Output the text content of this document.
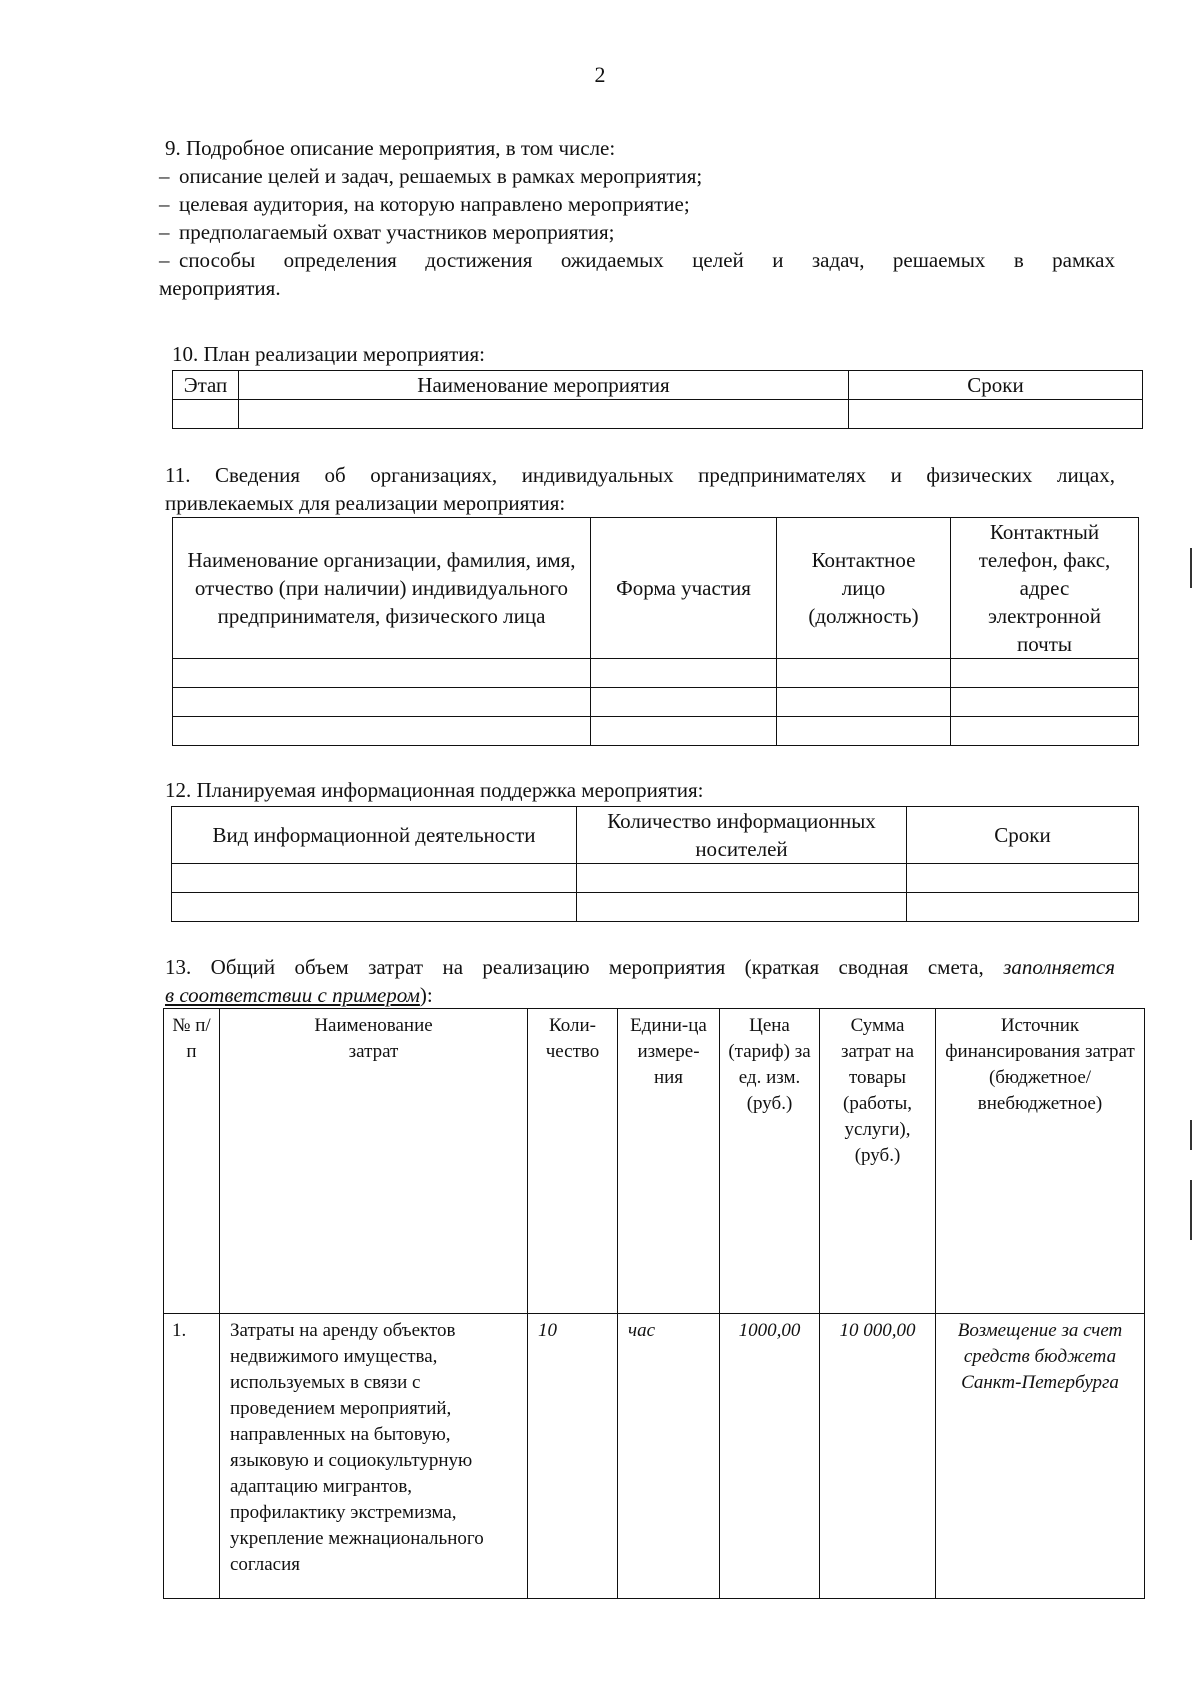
2
9. Подробное описание мероприятия, в том числе:
– описание целей и задач, решаемых в рамках мероприятия;
– целевая аудитория, на которую направлено мероприятие;
– предполагаемый охват участников мероприятия;
– способы определения достижения ожидаемых целей и задач, решаемых в рамках
мероприятия.
10. План реализации мероприятия:
Этап	Наименование мероприятия	Сроки

11. Сведения об организациях, индивидуальных предпринимателях и физических лицах,
привлекаемых для реализации мероприятия:
Наименование организации, фамилия, имя, отчество (при наличии) индивидуального предпринимателя, физического лица	Форма участия	Контактное лицо (должность)	Контактный телефон, факс, адрес электронной почты

12. Планируемая информационная поддержка мероприятия:
Вид информационной деятельности	Количество информационных носителей	Сроки

13. Общий объем затрат на реализацию мероприятия (краткая сводная смета, заполняется
в соответствии с примером):
№ п/п	Наименование затрат	Коли-чество	Едини-ца измере-ния	Цена (тариф) за ед. изм. (руб.)	Сумма затрат на товары (работы, услуги), (руб.)	Источник финансирования затрат (бюджетное/ внебюджетное)
1.	Затраты на аренду объектов недвижимого имущества, используемых в связи с проведением мероприятий, направленных на бытовую, языковую и социокультурную адаптацию мигрантов, профилактику экстремизма, укрепление межнационального согласия	10	час	1000,00	10 000,00	Возмещение за счет средств бюджета Санкт-Петербурга
